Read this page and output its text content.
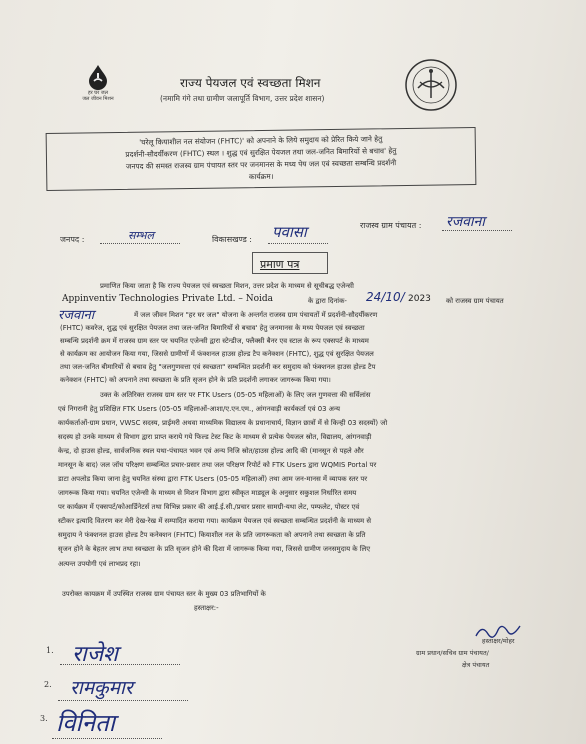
हर घर जल
जल जीवन मिशन
राज्य पेयजल एवं स्वच्छता मिशन
(नमामि गंगे तथा ग्रामीण जलापूर्ति विभाग, उत्तर प्रदेश शासन)
'घरेलू कियाशील नल संयोजन (FHTC)' को अपनाने के लिये समुदाय को प्रेरित किये जाने हेतु
प्रदर्शनी-सौदर्यीकरण (FHTC) स्थल । शुद्ध एवं सुरक्षित पेयजल तथा जल-जनित बिमारियों से बचाव' हेतु
जनपद की समस्त राजस्व ग्राम पंचायत स्तर पर जनमानस के मध्य पेय जल एवं स्वच्छता सम्बन्धि प्रदर्शनी
कार्यक्रम।
जनपद :	सम्भल	विकासखण्ड : पवासा	राजस्व ग्राम पंचायत : रजवाना
प्रमाण पत्र
प्रमाणित किया जाता है कि राज्य पेयजल एवं स्वच्छता मिशन, उत्तर प्रदेश के माध्यम से सूचीबद्ध एजेन्सी
Appinventiv Technologies Private Ltd. – Noida	के द्वारा दिनांक- 24/10/ 2023 को राजस्व ग्राम पंचायत
रजवाना	में जल जीवन मिशन "हर घर जल" योजना के अन्तर्गत राजस्व ग्राम पंचायतों में प्रदर्शनी-सौदर्यीकरण
(FHTC) कवरेज, शुद्ध एवं सुरक्षित पेयजल तथा जल-जनित बिमारियों से बचाव' हेतु जनमानस के मध्य पेयजल एवं स्वच्छता
सम्बन्धि प्रदर्शनी क्रम में राजस्व ग्राम स्तर पर चयनित एजेन्सी द्वारा स्टेन्डीज, फ्लैक्सी बैनर एव स्टाल के रूप एक्सपर्ट के माध्यम
से कार्यक्रम का आयोजन किया गया, जिससे ग्रामीणों में फंक्शनल हाउस होल्ड टैप कनेक्शन (FHTC), शुद्ध एवं सुरक्षित पेयजल
तथा जल-जनित बीमारियों से बचाव हेतु "जलगुणवत्ता एवं स्वच्छता" सम्बन्धित प्रदर्शनी कर समुदाय को फंक्शनल हाउस होल्ड टैप
कनेक्शन (FHTC) को अपनाने तथा स्वच्छता के प्रति सृजन होने के प्रति प्रदर्शनी लगाकर जागरूक किया गया।
उक्त के अतिरिक्त राजस्व ग्राम स्तर पर FTK Users (05-05 महिलाओं) के लिए जल गुणवत्ता की सर्विलांस
एवं निगरानी हेतु प्रशिक्षित FTK Users (05-05 महिलाओं-आशा/ए.एन.एम., आंगनवाड़ी कार्यकर्ता एवं 03 अन्य
कार्यकर्ताओं-ग्राम प्रधान, VWSC सदस्य, प्राईमरी अथवा माध्यमिक विद्यालय के प्रधानाचार्य, विज्ञान छात्रों में से किन्ही 03 सदस्यों) जो
सदस्य हो उनके माध्यम से विभाग द्वारा प्राप्त कराये गये फिल्ड टेस्ट किट के माध्यम से प्रत्येक पेयजल स्रोत, विद्यालय, आंगनवाड़ी
केन्द्र, दो हाउस होल्ड, सार्वजनिक स्थल यथा-पंचायत भवन एवं अन्य निजि स्रोत/हाउस होल्ड आदि की (मानसून से पहले और
मानसून के बाद) जल जॉच परिक्षण सम्बन्धित प्रचार-प्रसार तथा जल परिक्षण रिपोर्ट को FTK Users द्वारा WQMIS Portal पर
डाटा अपलोड किया जाना हेतु चयनित संस्था द्वारा FTK Users (05-05 महिलाओं) तथा आम जन-मानस में व्यापक स्तर पर
जागरूक किया गया। चयनित एजेन्सी के माध्यम से मिशन विभाग द्वारा स्वीकृत माड्यूल के अनुसार सकुशल निर्धारित समय
पर कार्यक्रम में एक्सपर्ट/कोआर्डिनेटर्स तथा विभिन्न प्रकार की आई.ई.सी./प्रचार प्रसार सामग्री-यथा लेट, पम्फलेट, पोस्टर एवं
स्टीकर इत्यादि वितरण कर मेरी देख-रेख में सम्पादित कराया गया। कार्यक्रम पेयजल एवं स्वच्छता सम्बन्धित प्रदर्शनी के माध्यम से
समुदाय ने फंक्शनल हाउस होल्ड टैप कनेक्शन (FHTC) कियाशील नल के प्रति जागरूकता को अपनाने तथा स्वच्छता के प्रति
सृजन होने के बेहतर लाभ तथा स्वच्छता के प्रति सृजन होने की दिशा में जागरूक किया गया, जिससे ग्रामीण जनसमुदाय के लिए
अत्यन्त उपयोगी एवं लाभप्रद रहा।
उपरोक्त कायक्रम में उपस्थित राजस्व ग्राम पंचायत स्तर के मुख्य 03 प्रतिभागियों के
हस्ताक्षर:-
हस्ताक्षर/मोहर
ग्राम प्रधान/सचिव ग्राम पंचायत/
क्षेत्र पंचायत
1. राजेश
2. रामकुमार
3. विनिता
